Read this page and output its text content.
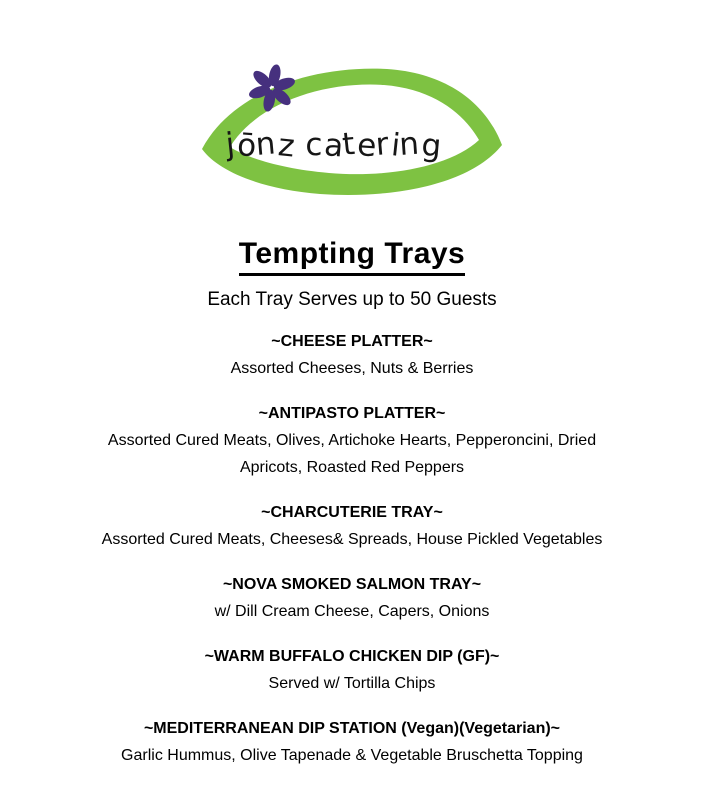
jōnz catering
Tempting Trays
Each Tray Serves up to 50 Guests
~CHEESE PLATTER~
Assorted Cheeses, Nuts & Berries
~ANTIPASTO PLATTER~
Assorted Cured Meats, Olives, Artichoke Hearts, Pepperoncini, Dried Apricots, Roasted Red Peppers
~CHARCUTERIE TRAY~
Assorted Cured Meats, Cheeses& Spreads, House Pickled Vegetables
~NOVA SMOKED SALMON TRAY~
w/ Dill Cream Cheese, Capers, Onions
~WARM BUFFALO CHICKEN DIP (GF)~
Served w/ Tortilla Chips
~MEDITERRANEAN DIP STATION (Vegan)(Vegetarian)~
Garlic Hummus, Olive Tapenade & Vegetable Bruschetta Topping
